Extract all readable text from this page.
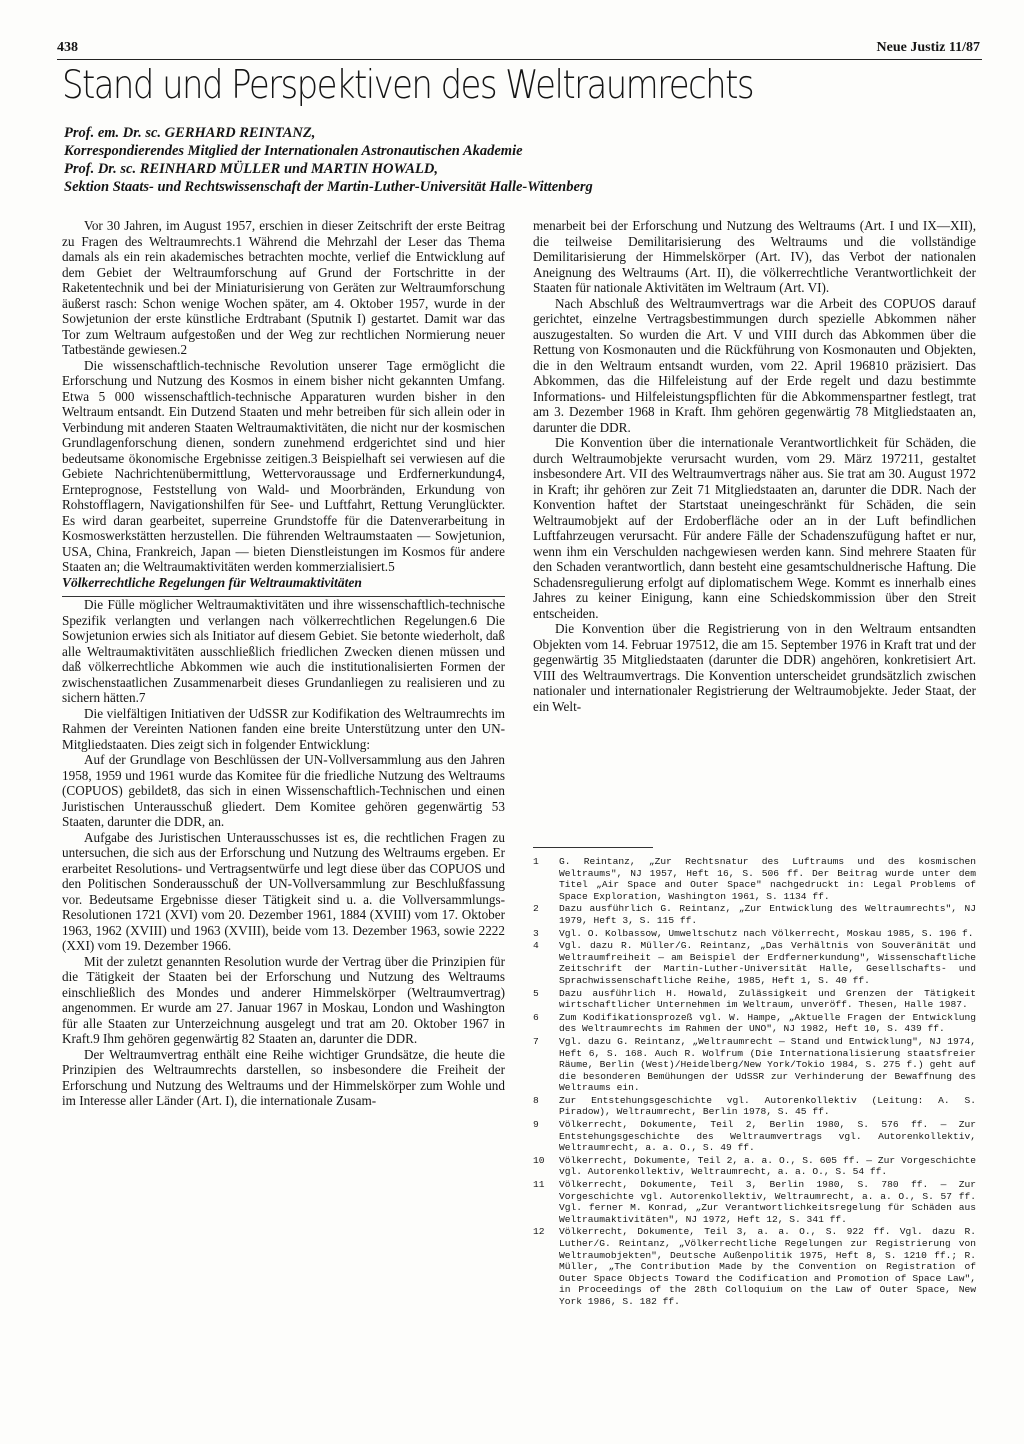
438	Neue Justiz 11/87
Stand und Perspektiven des Weltraumrechts
Prof. em. Dr. sc. GERHARD REINTANZ,
Korrespondierendes Mitglied der Internationalen Astronautischen Akademie
Prof. Dr. sc. REINHARD MÜLLER und MARTIN HOWALD,
Sektion Staats- und Rechtswissenschaft der Martin-Luther-Universität Halle-Wittenberg

Vor 30 Jahren, im August 1957, erschien in dieser Zeitschrift der erste Beitrag zu Fragen des Weltraumrechts.1 Während die Mehrzahl der Leser das Thema damals als ein rein akademisches betrachten mochte, verlief die Entwicklung auf dem Gebiet der Weltraumforschung auf Grund der Fortschritte in der Raketentechnik und bei der Miniaturisierung von Geräten zur Weltraumforschung äußerst rasch: Schon wenige Wochen später, am 4. Oktober 1957, wurde in der Sowjetunion der erste künstliche Erdtrabant (Sputnik I) gestartet. Damit war das Tor zum Weltraum aufgestoßen und der Weg zur rechtlichen Normierung neuer Tatbestände gewiesen.2

Die wissenschaftlich-technische Revolution unserer Tage ermöglicht die Erforschung und Nutzung des Kosmos in einem bisher nicht gekannten Umfang. Etwa 5 000 wissenschaftlich-technische Apparaturen wurden bisher in den Weltraum entsandt. Ein Dutzend Staaten und mehr betreiben für sich allein oder in Verbindung mit anderen Staaten Weltraumaktivitäten, die nicht nur der kosmischen Grundlagenforschung dienen, sondern zunehmend erdgerichtet sind und hier bedeutsame ökonomische Ergebnisse zeitigen.3 Beispielhaft sei verwiesen auf die Gebiete Nachrichtenübermittlung, Wettervoraussage und Erdfernerkundung4, Ernteprognose, Feststellung von Wald- und Moorbränden, Erkundung von Rohstofflagern, Navigationshilfen für See- und Luftfahrt, Rettung Verunglückter. Es wird daran gearbeitet, superreine Grundstoffe für die Datenverarbeitung in Kosmoswerkstätten herzustellen. Die führenden Weltraumstaaten — Sowjetunion, USA, China, Frankreich, Japan — bieten Dienstleistungen im Kosmos für andere Staaten an; die Weltraumaktivitäten werden kommerzialisiert.5

Völkerrechtliche Regelungen für Weltraumaktivitäten

Die Fülle möglicher Weltraumaktivitäten und ihre wissenschaftlich-technische Spezifik verlangten und verlangen nach völkerrechtlichen Regelungen.6 Die Sowjetunion erwies sich als Initiator auf diesem Gebiet. Sie betonte wiederholt, daß alle Weltraumaktivitäten ausschließlich friedlichen Zwecken dienen müssen und daß völkerrechtliche Abkommen wie auch die institutionalisierten Formen der zwischenstaatlichen Zusammenarbeit dieses Grundanliegen zu realisieren und zu sichern hätten.7

Die vielfältigen Initiativen der UdSSR zur Kodifikation des Weltraumrechts im Rahmen der Vereinten Nationen fanden eine breite Unterstützung unter den UN-Mitgliedstaaten. Dies zeigt sich in folgender Entwicklung:

Auf der Grundlage von Beschlüssen der UN-Vollversammlung aus den Jahren 1958, 1959 und 1961 wurde das Komitee für die friedliche Nutzung des Weltraums (COPUOS) gebildet8, das sich in einen Wissenschaftlich-Technischen und einen Juristischen Unterausschuß gliedert. Dem Komitee gehören gegenwärtig 53 Staaten, darunter die DDR, an.

Aufgabe des Juristischen Unterausschusses ist es, die rechtlichen Fragen zu untersuchen, die sich aus der Erforschung und Nutzung des Weltraums ergeben. Er erarbeitet Resolutions- und Vertragsentwürfe und legt diese über das COPUOS und den Politischen Sonderausschuß der UN-Vollversammlung zur Beschlußfassung vor. Bedeutsame Ergebnisse dieser Tätigkeit sind u. a. die Vollversammlungs-Resolutionen 1721 (XVI) vom 20. Dezember 1961, 1884 (XVIII) vom 17. Oktober 1963, 1962 (XVIII) und 1963 (XVIII), beide vom 13. Dezember 1963, sowie 2222 (XXI) vom 19. Dezember 1966.

Mit der zuletzt genannten Resolution wurde der Vertrag über die Prinzipien für die Tätigkeit der Staaten bei der Erforschung und Nutzung des Weltraums einschließlich des Mondes und anderer Himmelskörper (Weltraumvertrag) angenommen. Er wurde am 27. Januar 1967 in Moskau, London und Washington für alle Staaten zur Unterzeichnung ausgelegt und trat am 20. Oktober 1967 in Kraft.9 Ihm gehören gegenwärtig 82 Staaten an, darunter die DDR.

Der Weltraumvertrag enthält eine Reihe wichtiger Grundsätze, die heute die Prinzipien des Weltraumrechts darstellen, so insbesondere die Freiheit der Erforschung und Nutzung des Weltraums und der Himmelskörper zum Wohle und im Interesse aller Länder (Art. I), die internationale Zusam-

menarbeit bei der Erforschung und Nutzung des Weltraums (Art. I und IX—XII), die teilweise Demilitarisierung des Weltraums und die vollständige Demilitarisierung der Himmelskörper (Art. IV), das Verbot der nationalen Aneignung des Weltraums (Art. II), die völkerrechtliche Verantwortlichkeit der Staaten für nationale Aktivitäten im Weltraum (Art. VI).

Nach Abschluß des Weltraumvertrags war die Arbeit des COPUOS darauf gerichtet, einzelne Vertragsbestimmungen durch spezielle Abkommen näher auszugestalten. So wurden die Art. V und VIII durch das Abkommen über die Rettung von Kosmonauten und die Rückführung von Kosmonauten und Objekten, die in den Weltraum entsandt wurden, vom 22. April 196810 präzisiert. Das Abkommen, das die Hilfeleistung auf der Erde regelt und dazu bestimmte Informations- und Hilfeleistungspflichten für die Abkommenspartner festlegt, trat am 3. Dezember 1968 in Kraft. Ihm gehören gegenwärtig 78 Mitgliedstaaten an, darunter die DDR.

Die Konvention über die internationale Verantwortlichkeit für Schäden, die durch Weltraumobjekte verursacht wurden, vom 29. März 197211, gestaltet insbesondere Art. VII des Weltraumvertrags näher aus. Sie trat am 30. August 1972 in Kraft; ihr gehören zur Zeit 71 Mitgliedstaaten an, darunter die DDR. Nach der Konvention haftet der Startstaat uneingeschränkt für Schäden, die sein Weltraumobjekt auf der Erdoberfläche oder an in der Luft befindlichen Luftfahrzeugen verursacht. Für andere Fälle der Schadenszufügung haftet er nur, wenn ihm ein Verschulden nachgewiesen werden kann. Sind mehrere Staaten für den Schaden verantwortlich, dann besteht eine gesamtschuldnerische Haftung. Die Schadensregulierung erfolgt auf diplomatischem Wege. Kommt es innerhalb eines Jahres zu keiner Einigung, kann eine Schiedskommission über den Streit entscheiden.

Die Konvention über die Registrierung von in den Weltraum entsandten Objekten vom 14. Februar 197512, die am 15. September 1976 in Kraft trat und der gegenwärtig 35 Mitgliedstaaten (darunter die DDR) angehören, konkretisiert Art. VIII des Weltraumvertrags. Die Konvention unterscheidet grundsätzlich zwischen nationaler und internationaler Registrierung der Weltraumobjekte. Jeder Staat, der ein Welt-

1	G. Reintanz, „Zur Rechtsnatur des Luftraums und des kosmischen Weltraums", NJ 1957, Heft 16, S. 506 ff. Der Beitrag wurde unter dem Titel „Air Space and Outer Space" nachgedruckt in: Legal Problems of Space Exploration, Washington 1961, S. 1134 ff.
2	Dazu ausführlich G. Reintanz, „Zur Entwicklung des Weltraumrechts", NJ 1979, Heft 3, S. 115 ff.
3	Vgl. O. Kolbassow, Umweltschutz nach Völkerrecht, Moskau 1985, S. 196 f.
4	Vgl. dazu R. Müller/G. Reintanz, „Das Verhältnis von Souveränität und Weltraumfreiheit — am Beispiel der Erdfernerkundung", Wissenschaftliche Zeitschrift der Martin-Luther-Universität Halle, Gesellschafts- und Sprachwissenschaftliche Reihe, 1985, Heft 1, S. 40 ff.
5	Dazu ausführlich H. Howald, Zulässigkeit und Grenzen der Tätigkeit wirtschaftlicher Unternehmen im Weltraum, unveröff. Thesen, Halle 1987.
6	Zum Kodifikationsprozeß vgl. W. Hampe, „Aktuelle Fragen der Entwicklung des Weltraumrechts im Rahmen der UNO", NJ 1982, Heft 10, S. 439 ff.
7	Vgl. dazu G. Reintanz, „Weltraumrecht — Stand und Entwicklung", NJ 1974, Heft 6, S. 168. Auch R. Wolfrum (Die Internationalisierung staatsfreier Räume, Berlin (West)/Heidelberg/New York/Tokio 1984, S. 275 f.) geht auf die besonderen Bemühungen der UdSSR zur Verhinderung der Bewaffnung des Weltraums ein.
8	Zur Entstehungsgeschichte vgl. Autorenkollektiv (Leitung: A. S. Piradow), Weltraumrecht, Berlin 1978, S. 45 ff.
9	Völkerrecht, Dokumente, Teil 2, Berlin 1980, S. 576 ff. — Zur Entstehungsgeschichte des Weltraumvertrags vgl. Autorenkollektiv, Weltraumrecht, a. a. O., S. 49 ff.
10	Völkerrecht, Dokumente, Teil 2, a. a. O., S. 605 ff. — Zur Vorgeschichte vgl. Autorenkollektiv, Weltraumrecht, a. a. O., S. 54 ff.
11	Völkerrecht, Dokumente, Teil 3, Berlin 1980, S. 780 ff. — Zur Vorgeschichte vgl. Autorenkollektiv, Weltraumrecht, a. a. O., S. 57 ff. Vgl. ferner M. Konrad, „Zur Verantwortlichkeitsregelung für Schäden aus Weltraumaktivitäten", NJ 1972, Heft 12, S. 341 ff.
12	Völkerrecht, Dokumente, Teil 3, a. a. O., S. 922 ff. Vgl. dazu R. Luther/G. Reintanz, „Völkerrechtliche Regelungen zur Registrierung von Weltraumobjekten", Deutsche Außenpolitik 1975, Heft 8, S. 1210 ff.; R. Müller, „The Contribution Made by the Convention on Registration of Outer Space Objects Toward the Codification and Promotion of Space Law", in Proceedings of the 28th Colloquium on the Law of Outer Space, New York 1986, S. 182 ff.
